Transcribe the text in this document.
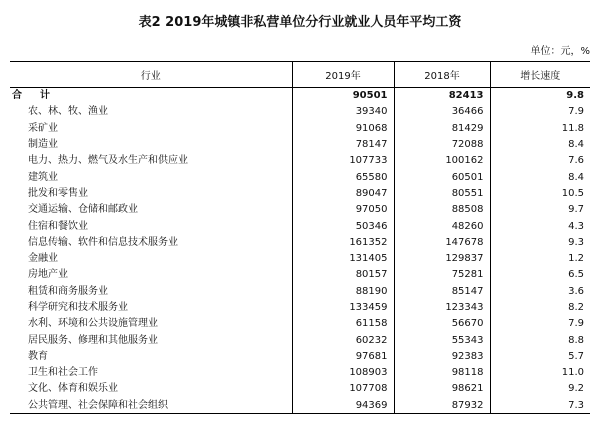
表2 2019年城镇非私营单位分行业就业人员年平均工资
单位：元，%
行业	2019年	2018年	增长速度
合　计	90501	82413	9.8
农、林、牧、渔业	39340	36466	7.9
采矿业	91068	81429	11.8
制造业	78147	72088	8.4
电力、热力、燃气及水生产和供应业	107733	100162	7.6
建筑业	65580	60501	8.4
批发和零售业	89047	80551	10.5
交通运输、仓储和邮政业	97050	88508	9.7
住宿和餐饮业	50346	48260	4.3
信息传输、软件和信息技术服务业	161352	147678	9.3
金融业	131405	129837	1.2
房地产业	80157	75281	6.5
租赁和商务服务业	88190	85147	3.6
科学研究和技术服务业	133459	123343	8.2
水利、环境和公共设施管理业	61158	56670	7.9
居民服务、修理和其他服务业	60232	55343	8.8
教育	97681	92383	5.7
卫生和社会工作	108903	98118	11.0
文化、体育和娱乐业	107708	98621	9.2
公共管理、社会保障和社会组织	94369	87932	7.3
